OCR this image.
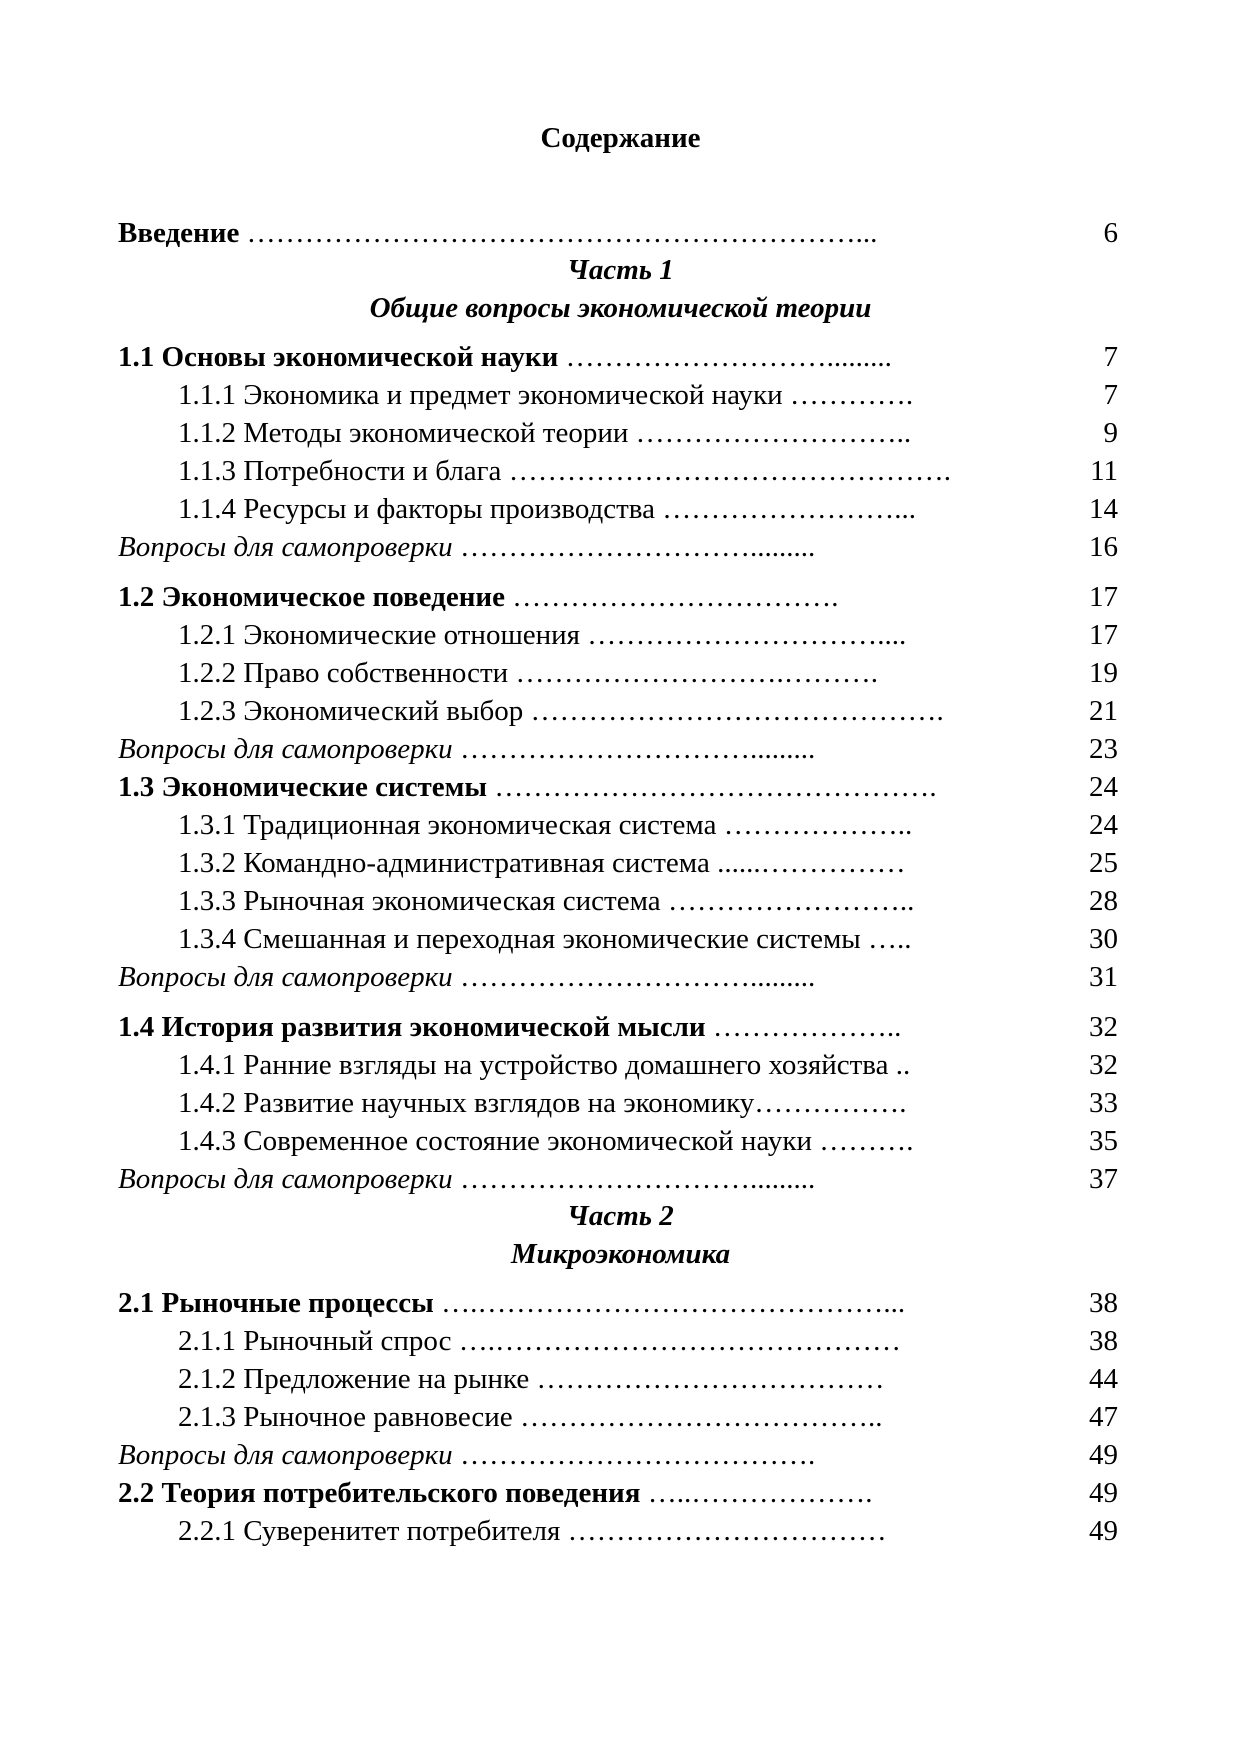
Содержание
Введение ………………………………………………………...	6
Часть 1
Общие вопросы экономической теории
1.1 Основы экономической науки ……………………….........	7
1.1.1 Экономика и предмет экономической науки ………….	7
1.1.2 Методы экономической теории ………………………..	9
1.1.3 Потребности и блага ……………………………………….	11
1.1.4 Ресурсы и факторы производства ……………………...	14
Вопросы для самопроверки ………………………….........	16
1.2 Экономическое поведение …………………………….	17
1.2.1 Экономические отношения …………………………....	17
1.2.2 Право собственности ……………………….……….	19
1.2.3 Экономический выбор …………………………………….	21
Вопросы для самопроверки ………………………….........	23
1.3 Экономические системы ……………………………………….	24
1.3.1 Традиционная экономическая система ………………..	24
1.3.2 Командно-административная система ......……………	25
1.3.3 Рыночная экономическая система ……………………..	28
1.3.4 Смешанная и переходная экономические системы …..	30
Вопросы для самопроверки ………………………….........	31
1.4 История развития экономической мысли ………………..	32
1.4.1 Ранние взгляды на устройство домашнего хозяйства ..	32
1.4.2 Развитие научных взглядов на экономику…………….	33
1.4.3 Современное состояние экономической науки ……….	35
Вопросы для самопроверки ………………………….........	37
Часть 2
Микроэкономика
2.1 Рыночные процессы ….……………………………………...	38
2.1.1 Рыночный спрос ….……………………………………	38
2.1.2 Предложение на рынке ………………………………	44
2.1.3 Рыночное равновесие ………………………………..	47
Вопросы для самопроверки ……………………………….	49
2.2 Теория потребительского поведения …..……………….	49
2.2.1 Суверенитет потребителя ……………………………	49
